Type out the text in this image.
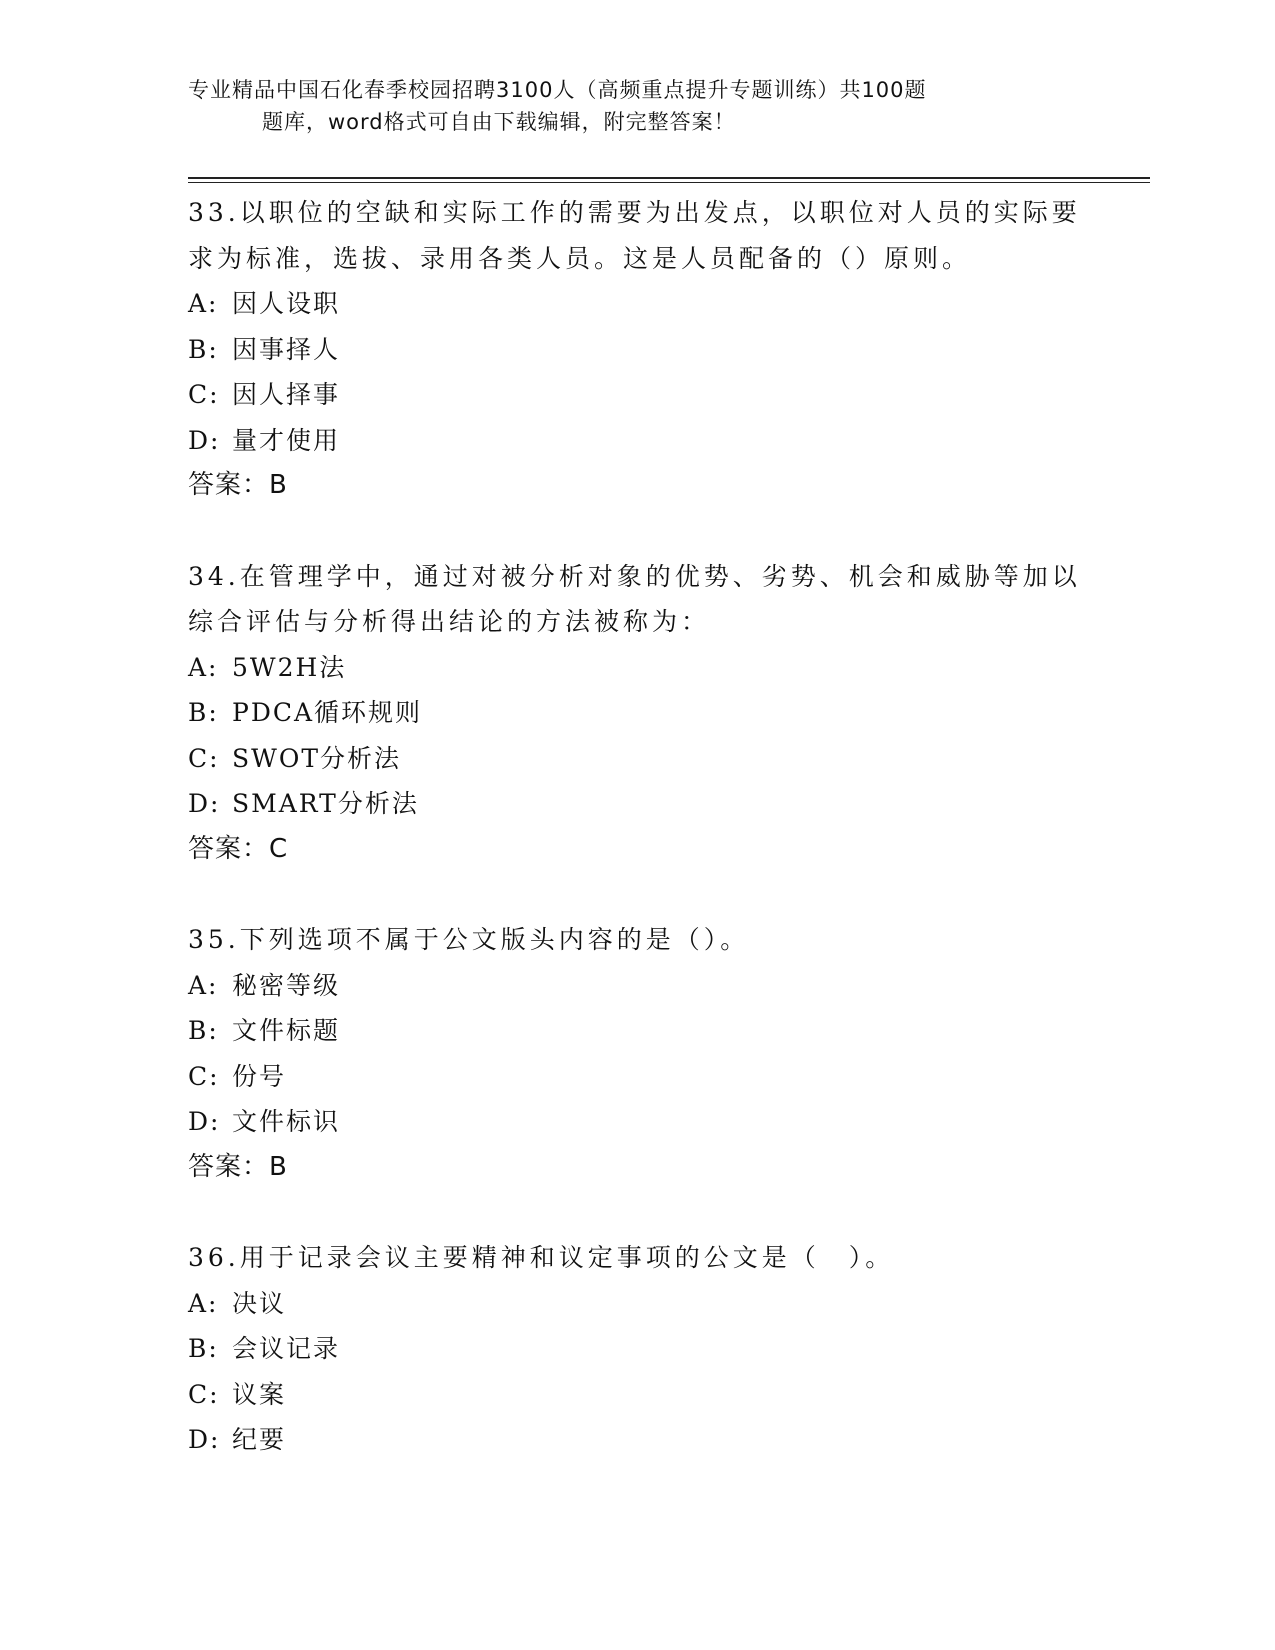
专业精品中国石化春季校园招聘3100人（高频重点提升专题训练）共100题
题库，word格式可自由下载编辑，附完整答案！
33.以职位的空缺和实际工作的需要为出发点，以职位对人员的实际要
求为标准，选拔、录用各类人员。这是人员配备的（）原则。
A: 因人设职
B: 因事择人
C: 因人择事
D: 量才使用
答案：B
34.在管理学中，通过对被分析对象的优势、劣势、机会和威胁等加以
综合评估与分析得出结论的方法被称为：
A: 5W2H法
B: PDCA循环规则
C: SWOT分析法
D: SMART分析法
答案：C
35.下列选项不属于公文版头内容的是（）。
A: 秘密等级
B: 文件标题
C: 份号
D: 文件标识
答案：B
36.用于记录会议主要精神和议定事项的公文是（　）。
A: 决议
B: 会议记录
C: 议案
D: 纪要
